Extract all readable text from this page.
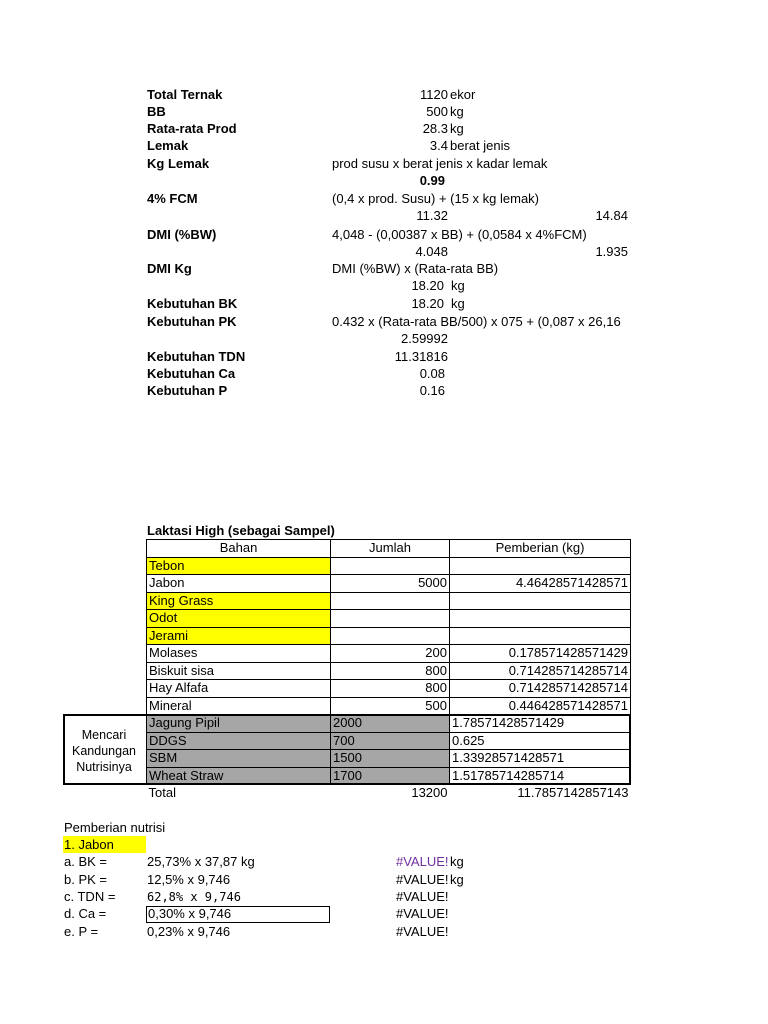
Total Ternak	1120 ekor
BB	500 kg
Rata-rata Prod	28.3 kg
Lemak	3.4 berat jenis
Kg Lemak	prod susu x berat jenis x kadar lemak
0.99
4% FCM	(0,4 x prod. Susu) + (15 x kg lemak)
11.32	14.84
DMI (%BW)	4,048 - (0,00387 x BB) + (0,0584 x 4%FCM)
4.048	1.935
DMI Kg	DMI (%BW) x (Rata-rata BB)
18.20 kg
Kebutuhan BK	18.20 kg
Kebutuhan PK	0.432 x (Rata-rata BB/500) x 075 + (0,087 x 26,16
2.59992
Kebutuhan TDN	11.31816
Kebutuhan Ca	0.08
Kebutuhan P	0.16
Laktasi High (sebagai Sampel)
Bahan	Jumlah	Pemberian (kg)
Tebon		
Jabon	5000	4.46428571428571
King Grass		
Odot		
Jerami		
Molases	200	0.178571428571429
Biskuit sisa	800	0.714285714285714
Hay Alfafa	800	0.714285714285714
Mineral	500	0.446428571428571
Jagung Pipil	2000	1.78571428571429
DDGS	700	0.625
SBM	1500	1.33928571428571
Wheat Straw	1700	1.51785714285714
Total	13200	11.7857142857143
Mencari Kandungan Nutrisinya
Pemberian nutrisi
1. Jabon
a. BK =	25,73% x 37,87 kg	#VALUE! kg
b. PK =	12,5% x 9,746	#VALUE! kg
c. TDN =	62,8% x 9,746	#VALUE!
d. Ca =	0,30% x 9,746	#VALUE!
e. P =	0,23% x 9,746	#VALUE!
